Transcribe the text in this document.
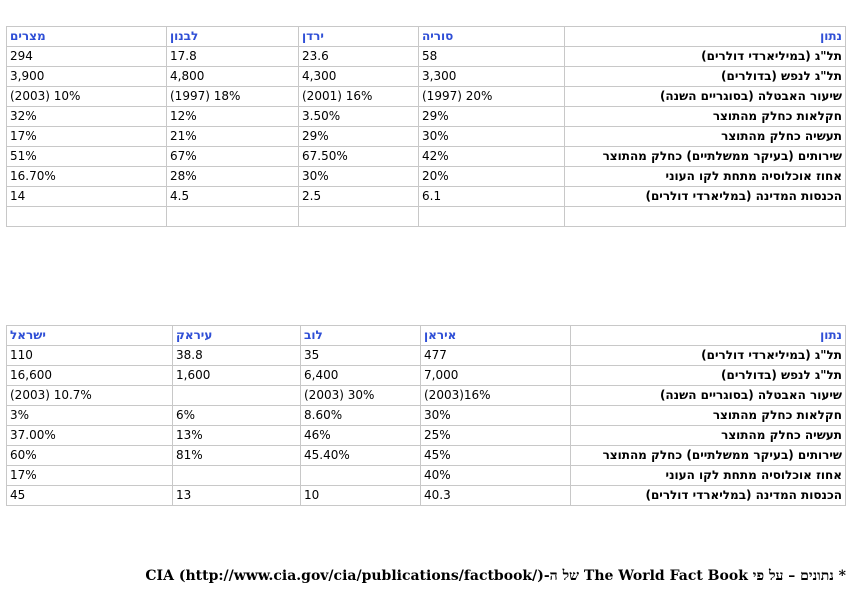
מצרים	לבנון	ירדן	סוריה	נתון
294	17.8	23.6	58	תל"ג (במיליארדי דולרים)
3,900	4,800	4,300	3,300	תל"ג לנפש (בדולרים)
(2003) 10%	(1997) 18%	(2001) 16%	(1997) 20%	שיעור האבטלה (בסוגריים השנה)
32%	12%	3.50%	29%	חקלאות כחלק מהתוצר
17%	21%	29%	30%	תעשיה כחלק מהתוצר
51%	67%	67.50%	42%	שירותים (בעיקר ממשלתיים) כחלק מהתוצר
16.70%	28%	30%	20%	אחוז אוכלוסיה מתחת לקו העוני
14	4.5	2.5	6.1	הכנסות המדינה (במליארדי דולרים)

ישראל	עיראק	לוב	איראן	נתון
110	38.8	35	477	תל"ג (במיליארדי דולרים)
16,600	1,600	6,400	7,000	תל"ג לנפש (בדולרים)
(2003) 10.7%		(2003) 30%	(2003)16%	שיעור האבטלה (בסוגריים השנה)
3%	6%	8.60%	30%	חקלאות כחלק מהתוצר
37.00%	13%	46%	25%	תעשיה כחלק מהתוצר
60%	81%	45.40%	45%	שירותים (בעיקר ממשלתיים) כחלק מהתוצר
17%			40%	אחוז אוכלוסיה מתחת לקו העוני
45	13	10	40.3	הכנסות המדינה (במליארדי דולרים)
* נתונים – על פי The World Fact Book של ה-CIA (http://www.cia.gov/cia/publications/factbook/)
